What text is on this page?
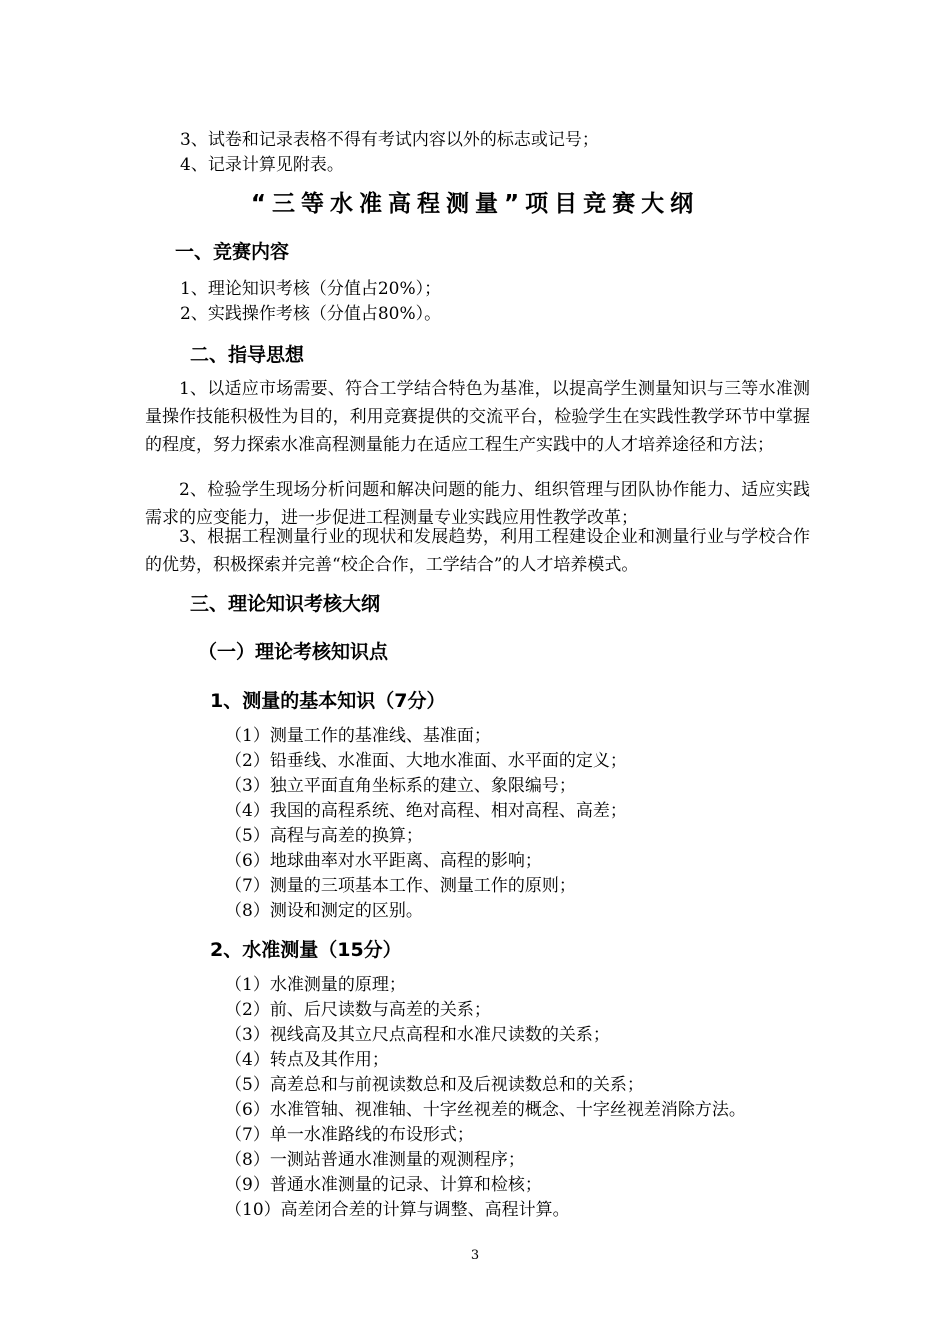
3、试卷和记录表格不得有考试内容以外的标志或记号；
4、记录计算见附表。
“三等水准高程测量”项目竞赛大纲
一、竞赛内容
1、理论知识考核（分值占20%）；
2、实践操作考核（分值占80%）。
二、指导思想
1、以适应市场需要、符合工学结合特色为基准，以提高学生测量知识与三等水准测量操作技能积极性为目的，利用竞赛提供的交流平台，检验学生在实践性教学环节中掌握的程度，努力探索水准高程测量能力在适应工程生产实践中的人才培养途径和方法；
2、检验学生现场分析问题和解决问题的能力、组织管理与团队协作能力、适应实践需求的应变能力，进一步促进工程测量专业实践应用性教学改革；
3、根据工程测量行业的现状和发展趋势，利用工程建设企业和测量行业与学校合作的优势，积极探索并完善“校企合作，工学结合”的人才培养模式。
三、理论知识考核大纲
（一）理论考核知识点
1、测量的基本知识（7分）
（1）测量工作的基准线、基准面；
（2）铅垂线、水准面、大地水准面、水平面的定义；
（3）独立平面直角坐标系的建立、象限编号；
（4）我国的高程系统、绝对高程、相对高程、高差；
（5）高程与高差的换算；
（6）地球曲率对水平距离、高程的影响；
（7）测量的三项基本工作、测量工作的原则；
（8）测设和测定的区别。
2、水准测量（15分）
（1）水准测量的原理；
（2）前、后尺读数与高差的关系；
（3）视线高及其立尺点高程和水准尺读数的关系；
（4）转点及其作用；
（5）高差总和与前视读数总和及后视读数总和的关系；
（6）水准管轴、视准轴、十字丝视差的概念、十字丝视差消除方法。
（7）单一水准路线的布设形式；
（8）一测站普通水准测量的观测程序；
（9）普通水准测量的记录、计算和检核；
（10）高差闭合差的计算与调整、高程计算。
3
